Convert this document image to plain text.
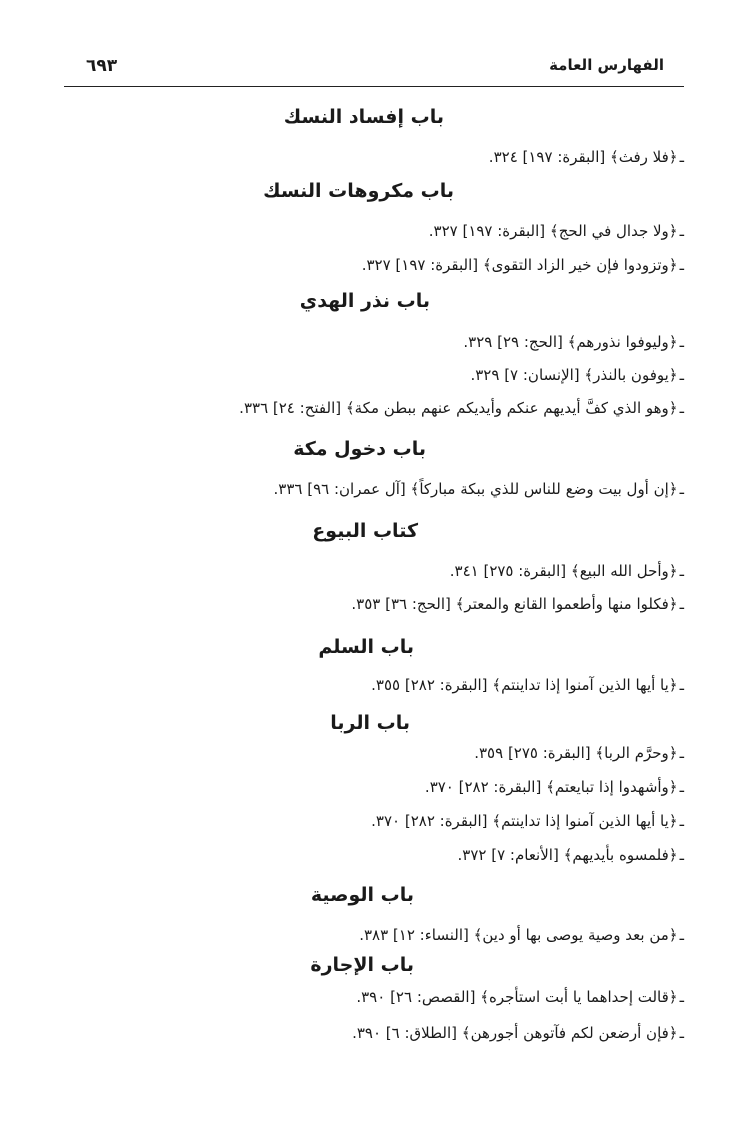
الفهارس العامة
٦٩٣
باب إفساد النسك
ـ﴿فلا رفث﴾ [البقرة: ١٩٧] ٣٢٤.
باب مكروهات النسك
ـ﴿ولا جدال في الحج﴾ [البقرة: ١٩٧] ٣٢٧.
ـ﴿وتزودوا فإن خير الزاد التقوى﴾ [البقرة: ١٩٧] ٣٢٧.
باب نذر الهدي
ـ﴿وليوفوا نذورهم﴾ [الحج: ٢٩] ٣٢٩.
ـ﴿يوفون بالنذر﴾ [الإنسان: ٧] ٣٢٩.
ـ﴿وهو الذي كفَّ أيديهم عنكم وأيديكم عنهم ببطن مكة﴾ [الفتح: ٢٤] ٣٣٦.
باب دخول مكة
ـ﴿إن أول بيت وضع للناس للذي ببكة مباركاً﴾ [آل عمران: ٩٦] ٣٣٦.
كتاب البيوع
ـ﴿وأحل الله البيع﴾ [البقرة: ٢٧٥] ٣٤١.
ـ﴿فكلوا منها وأطعموا القانع والمعتر﴾ [الحج: ٣٦] ٣٥٣.
باب السلم
ـ﴿يا أيها الذين آمنوا إذا تداينتم﴾ [البقرة: ٢٨٢] ٣٥٥.
باب الربا
ـ﴿وحرَّم الربا﴾ [البقرة: ٢٧٥] ٣٥٩.
ـ﴿وأشهدوا إذا تبايعتم﴾ [البقرة: ٢٨٢] ٣٧٠.
ـ﴿يا أيها الذين آمنوا إذا تداينتم﴾ [البقرة: ٢٨٢] ٣٧٠.
ـ﴿فلمسوه بأيديهم﴾ [الأنعام: ٧] ٣٧٢.
باب الوصية
ـ﴿من بعد وصية يوصى بها أو دين﴾ [النساء: ١٢] ٣٨٣.
باب الإجارة
ـ﴿قالت إحداهما يا أبت استأجره﴾ [القصص: ٢٦] ٣٩٠.
ـ﴿فإن أرضعن لكم فآتوهن أجورهن﴾ [الطلاق: ٦] ٣٩٠.
